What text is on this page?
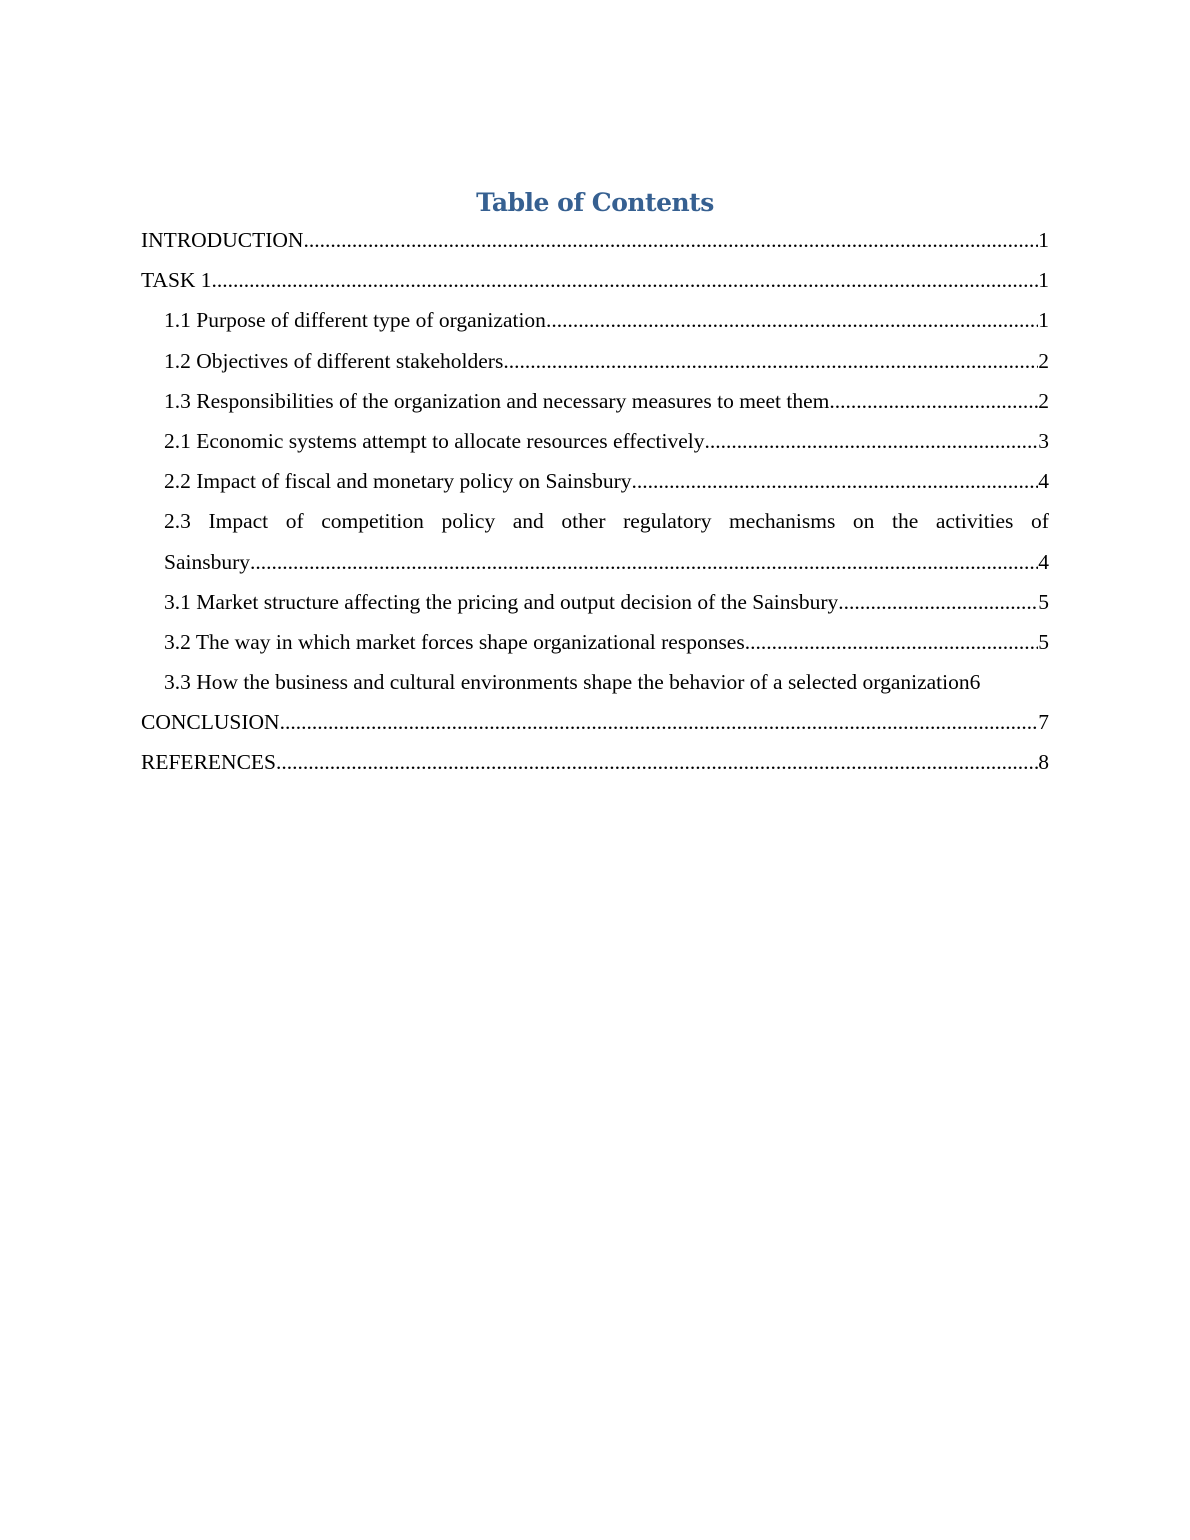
Table of Contents
INTRODUCTION .....	1
TASK 1 .....	1
1.1 Purpose of different type of organization .....	1
1.2 Objectives of different stakeholders .....	2
1.3 Responsibilities of the organization and necessary measures to meet them .....	2
2.1 Economic systems attempt to allocate resources effectively .....	3
2.2 Impact of fiscal and monetary policy on Sainsbury .....	4
2.3 Impact of competition policy and other regulatory mechanisms on the activities of
Sainsbury .....	4
3.1 Market structure affecting the pricing and output decision of the Sainsbury .....	5
3.2 The way in which market forces shape organizational responses .....	5
3.3 How the business and cultural environments shape the behavior of a selected organization 6
CONCLUSION .....	7
REFERENCES .....	8
